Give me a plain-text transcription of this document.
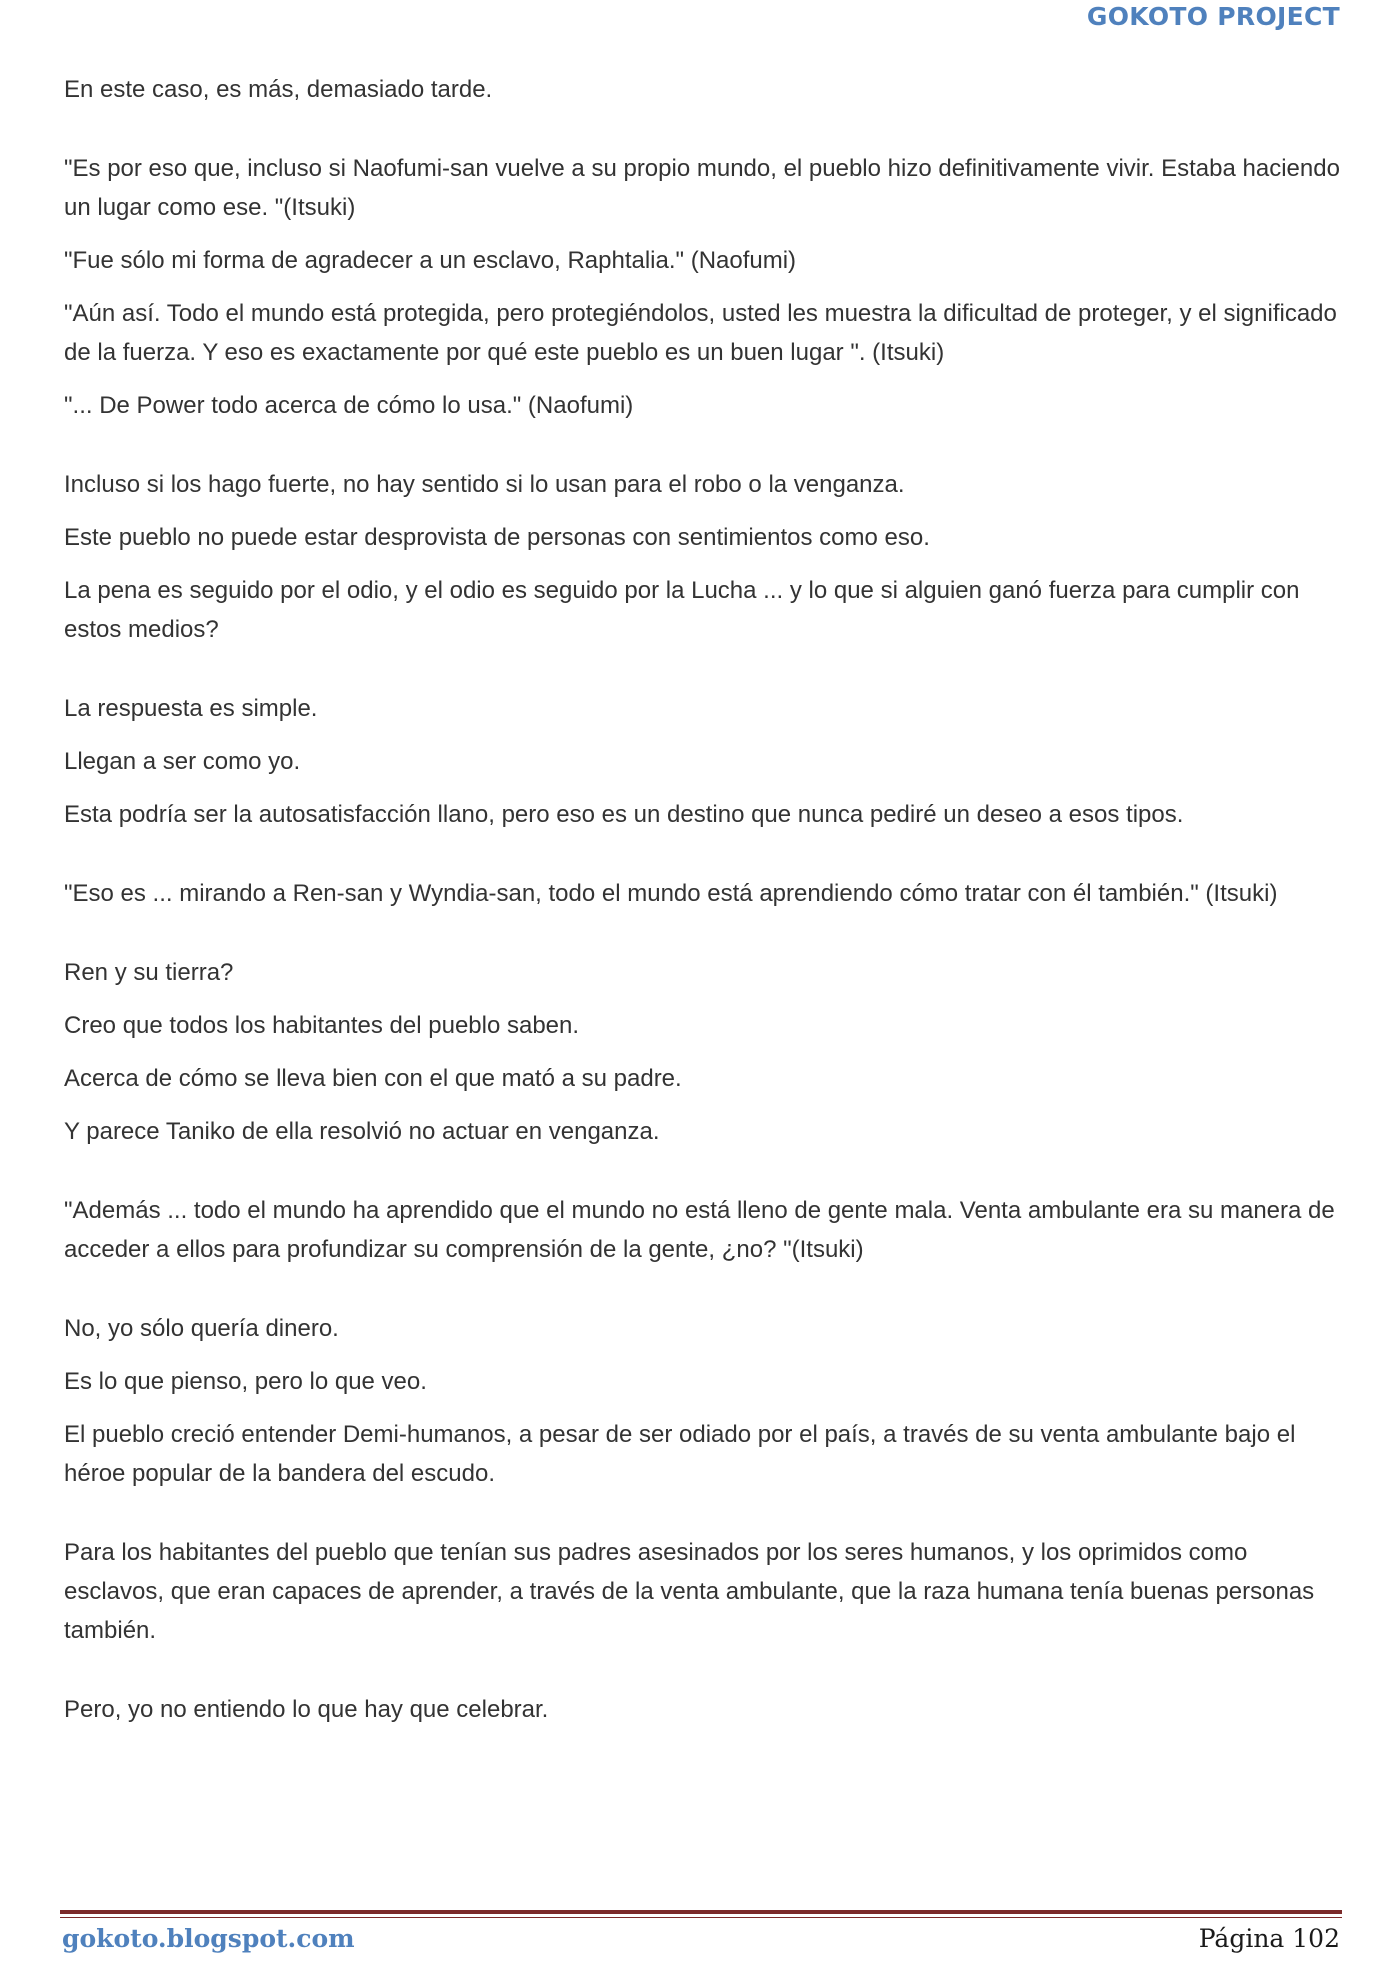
GOKOTO PROJECT

En este caso, es más, demasiado tarde.

"Es por eso que, incluso si Naofumi-san vuelve a su propio mundo, el pueblo hizo definitivamente vivir. Estaba haciendo un lugar como ese. "(Itsuki)

"Fue sólo mi forma de agradecer a un esclavo, Raphtalia." (Naofumi)

"Aún así. Todo el mundo está protegida, pero protegiéndolos, usted les muestra la dificultad de proteger, y el significado de la fuerza. Y eso es exactamente por qué este pueblo es un buen lugar ". (Itsuki)

"... De Power todo acerca de cómo lo usa." (Naofumi)

Incluso si los hago fuerte, no hay sentido si lo usan para el robo o la venganza.

Este pueblo no puede estar desprovista de personas con sentimientos como eso.

La pena es seguido por el odio, y el odio es seguido por la Lucha ... y lo que si alguien ganó fuerza para cumplir con estos medios?

La respuesta es simple.

Llegan a ser como yo.

Esta podría ser la autosatisfacción llano, pero eso es un destino que nunca pediré un deseo a esos tipos.

"Eso es ... mirando a Ren-san y Wyndia-san, todo el mundo está aprendiendo cómo tratar con él también." (Itsuki)

Ren y su tierra?

Creo que todos los habitantes del pueblo saben.

Acerca de cómo se lleva bien con el que mató a su padre.

Y parece Taniko de ella resolvió no actuar en venganza.

"Además ... todo el mundo ha aprendido que el mundo no está lleno de gente mala. Venta ambulante era su manera de acceder a ellos para profundizar su comprensión de la gente, ¿no? "(Itsuki)

No, yo sólo quería dinero.

Es lo que pienso, pero lo que veo.

El pueblo creció entender Demi-humanos, a pesar de ser odiado por el país, a través de su venta ambulante bajo el héroe popular de la bandera del escudo.

Para los habitantes del pueblo que tenían sus padres asesinados por los seres humanos, y los oprimidos como esclavos, que eran capaces de aprender, a través de la venta ambulante, que la raza humana tenía buenas personas también.

Pero, yo no entiendo lo que hay que celebrar.

gokoto.blogspot.com	Página 102
